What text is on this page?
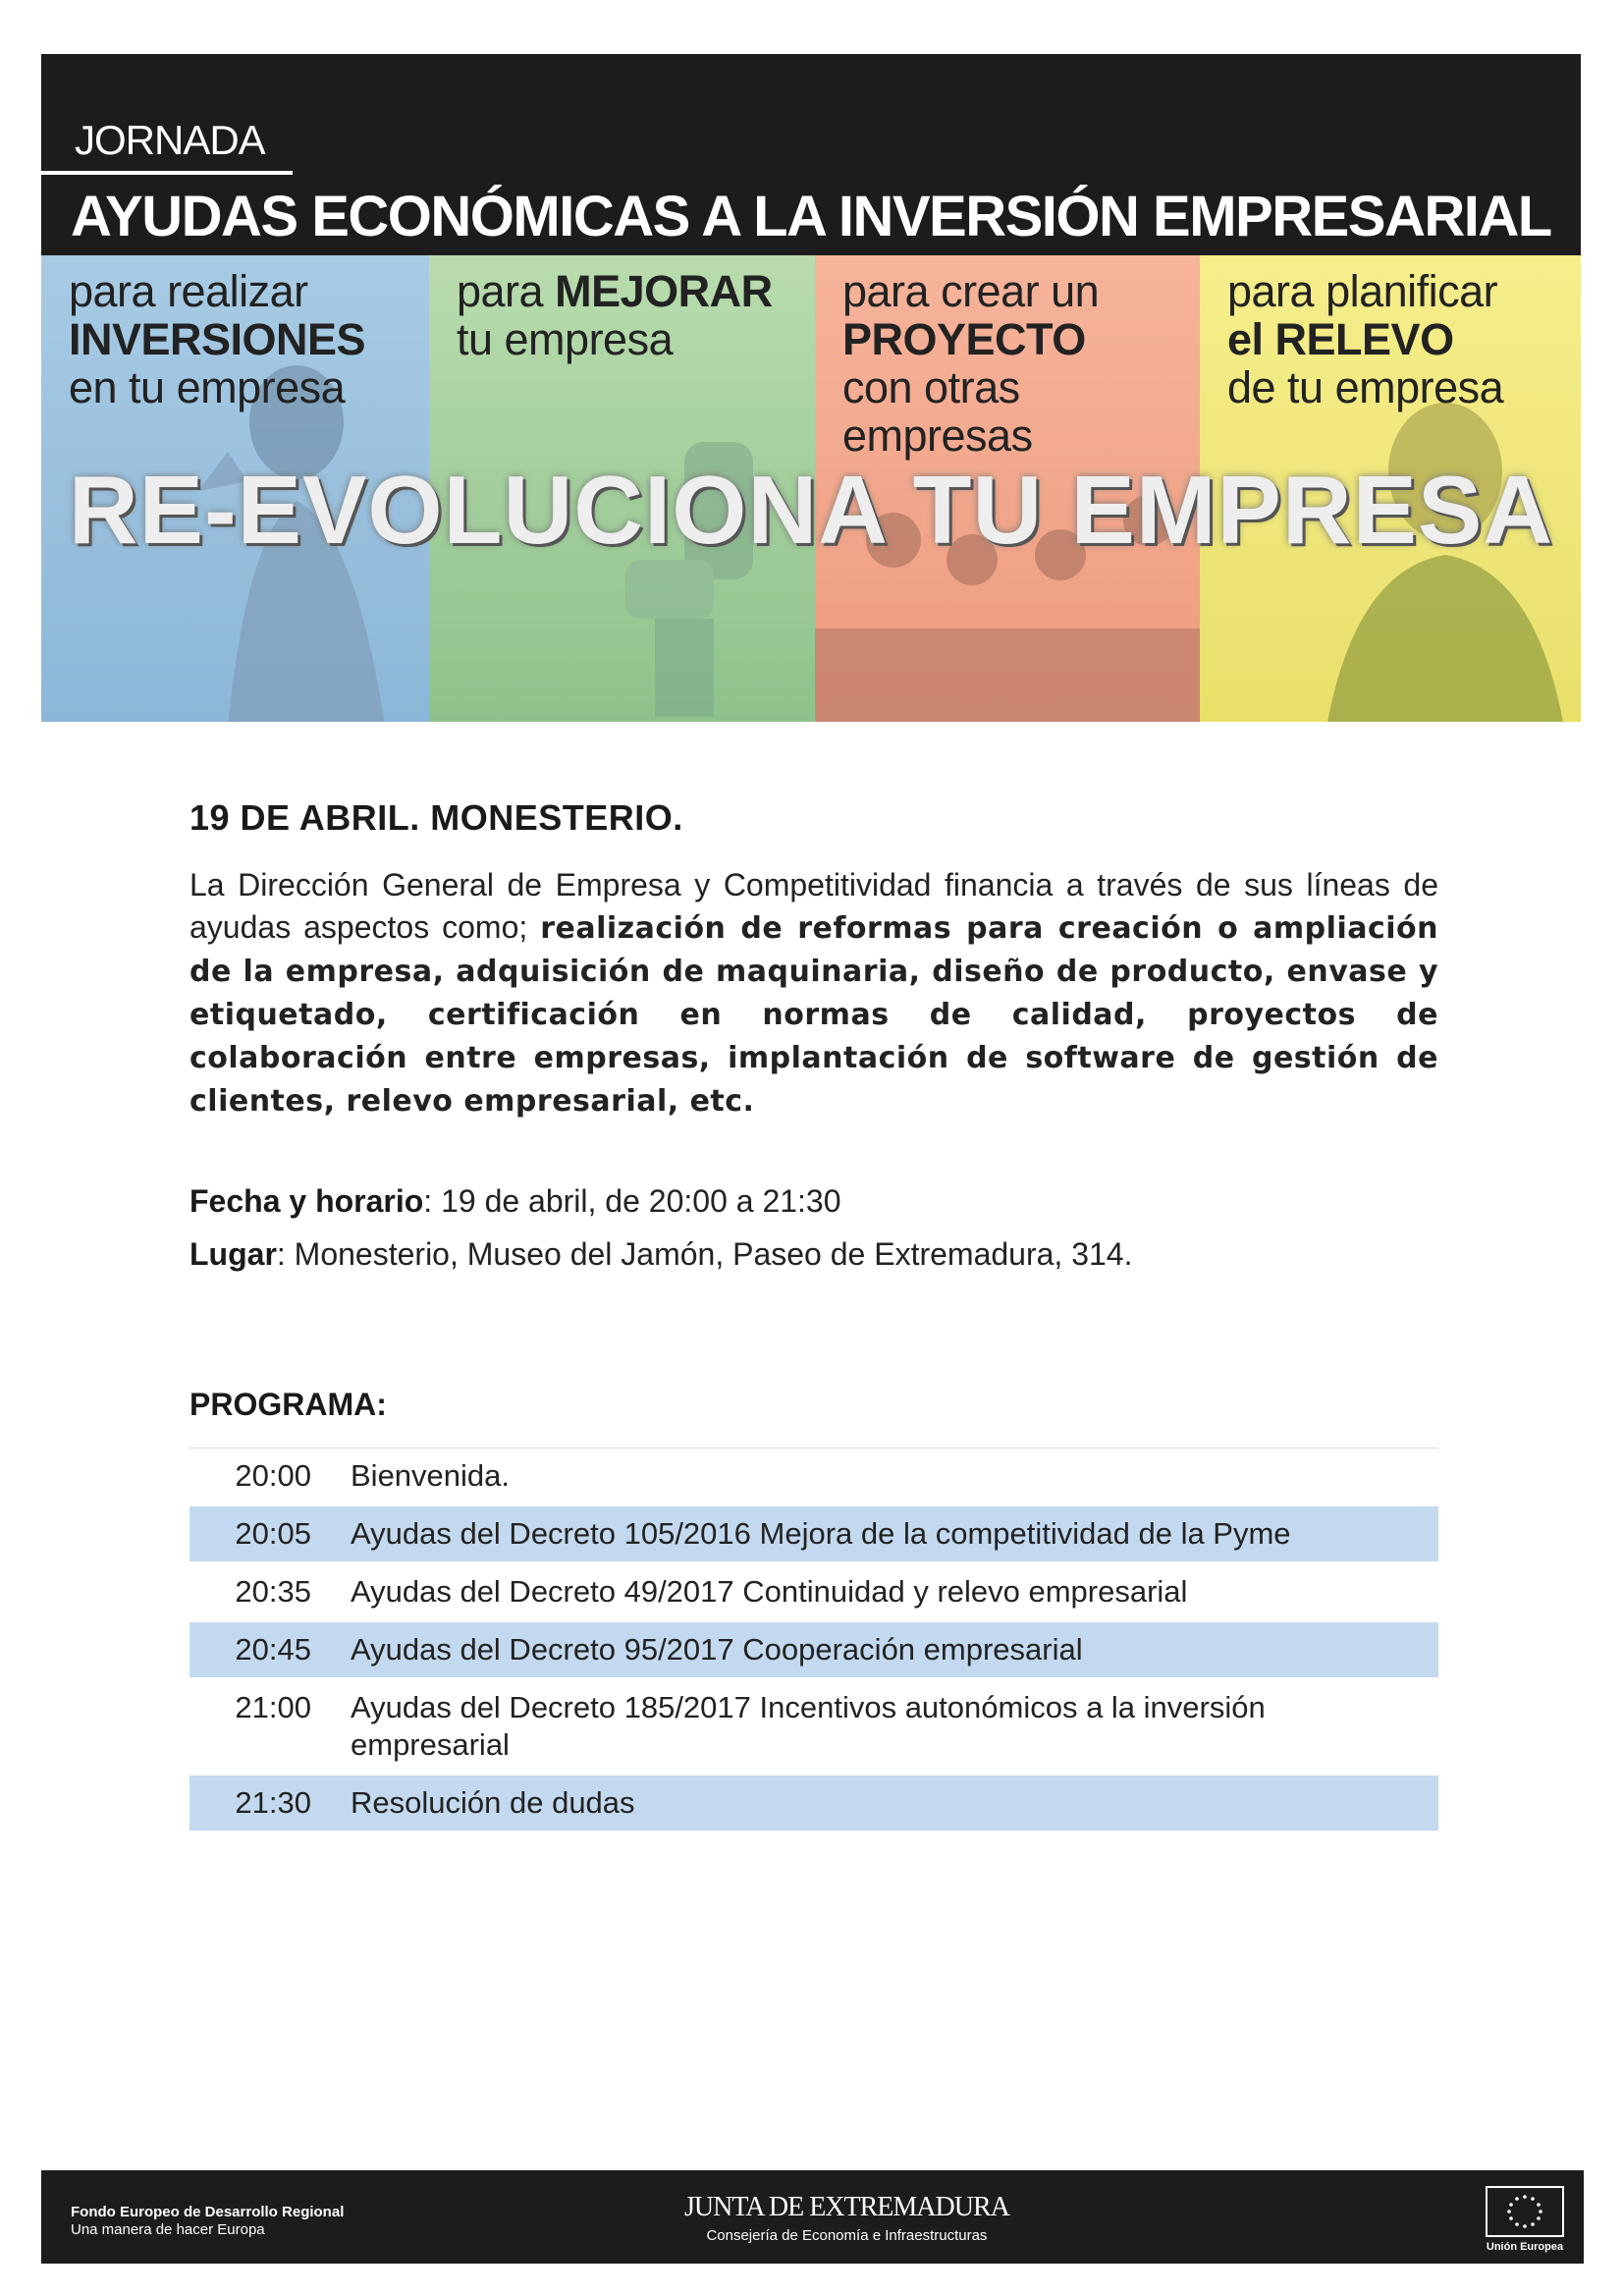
JORNADA
AYUDAS ECONÓMICAS A LA INVERSIÓN EMPRESARIAL
para realizar
INVERSIONES
en tu empresa
para MEJORAR
tu empresa
para crear un
PROYECTO
con otras
empresas
para planificar
el RELEVO
de tu empresa
RE-EVOLUCIONA TU EMPRESA
19 DE ABRIL. MONESTERIO.

La Dirección General de Empresa y Competitividad financia a través de sus líneas de ayudas aspectos como; realización de reformas para creación o ampliación de la empresa, adquisición de maquinaria, diseño de producto, envase y etiquetado, certificación en normas de calidad, proyectos de colaboración entre empresas, implantación de software de gestión de clientes, relevo empresarial, etc.

Fecha y horario: 19 de abril, de 20:00 a 21:30
Lugar: Monesterio, Museo del Jamón, Paseo de Extremadura, 314.
PROGRAMA:
20:00	Bienvenida.
20:05	Ayudas del Decreto 105/2016 Mejora de la competitividad de la Pyme
20:35	Ayudas del Decreto 49/2017 Continuidad y relevo empresarial
20:45	Ayudas del Decreto 95/2017 Cooperación empresarial
21:00	Ayudas del Decreto 185/2017 Incentivos autonómicos a la inversión empresarial
21:30	Resolución de dudas
Fondo Europeo de Desarrollo Regional
Una manera de hacer Europa
JUNTA DE EXTREMADURA
Consejería de Economía e Infraestructuras
Unión Europea
